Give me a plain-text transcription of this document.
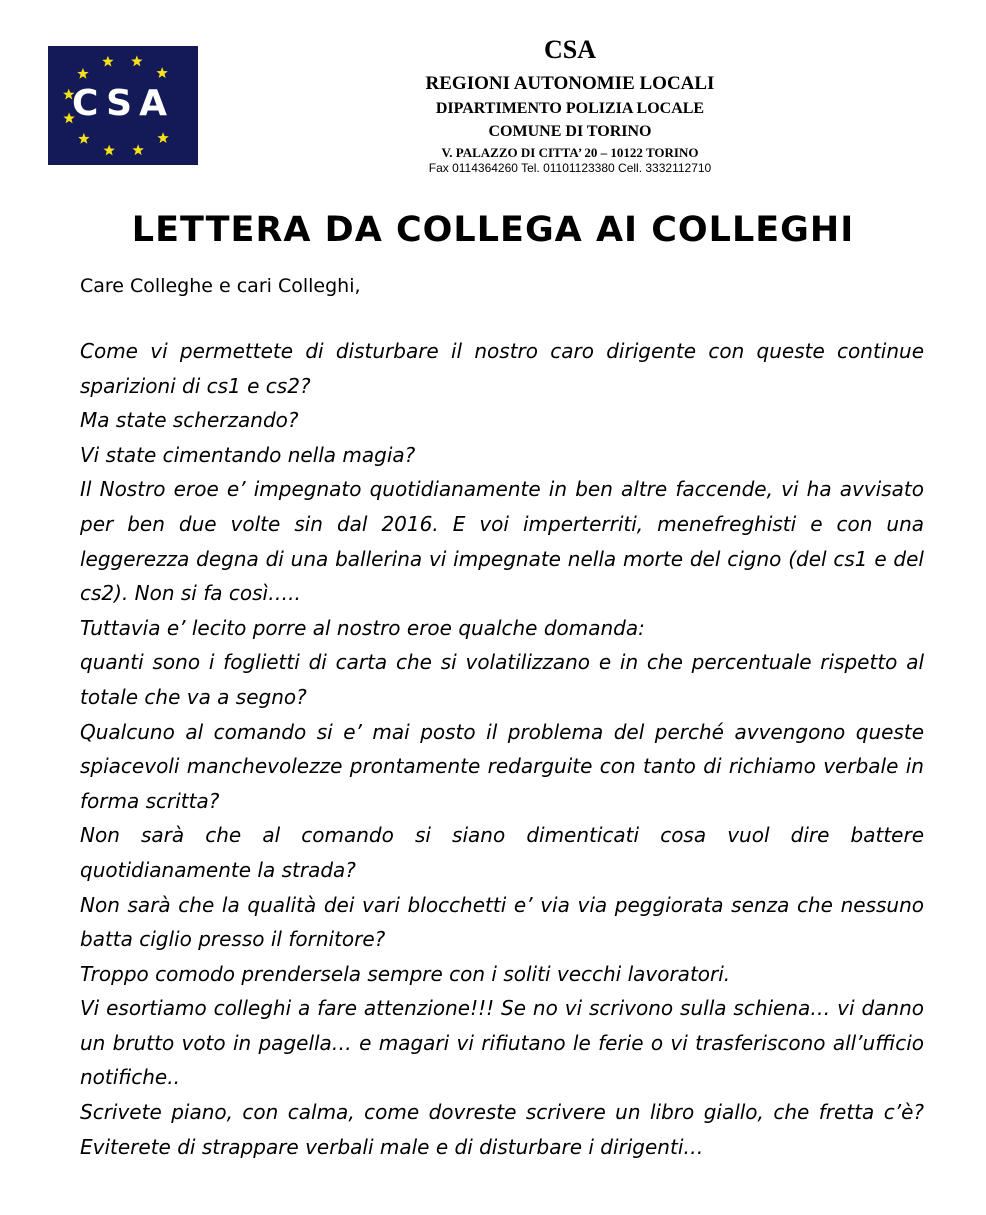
CSA
CSA
REGIONI AUTONOMIE LOCALI
DIPARTIMENTO POLIZIA LOCALE
COMUNE DI TORINO
V. PALAZZO DI CITTA’ 20 – 10122 TORINO
Fax 0114364260 Tel. 01101123380 Cell. 3332112710
LETTERA DA COLLEGA AI COLLEGHI
Care Colleghe e cari Colleghi,

Come vi permettete di disturbare il nostro caro dirigente con queste continue sparizioni di cs1 e cs2?

Ma state scherzando?

Vi state cimentando nella magia?

Il Nostro eroe e’ impegnato quotidianamente in ben altre faccende, vi ha avvisato per ben due volte sin dal 2016. E voi imperterriti, menefreghisti e con una leggerezza degna di una ballerina vi impegnate nella morte del cigno (del cs1 e del cs2). Non si fa così…..

Tuttavia e’ lecito porre al nostro eroe qualche domanda:

quanti sono i foglietti di carta che si volatilizzano e in che percentuale rispetto al totale che va a segno?

Qualcuno al comando si e’ mai posto il problema del perché avvengono queste spiacevoli manchevolezze prontamente redarguite con tanto di richiamo verbale in forma scritta?

Non sarà che al comando si siano dimenticati cosa vuol dire battere quotidianamente la strada?

Non sarà che la qualità dei vari blocchetti e’ via via peggiorata senza che nessuno batta ciglio presso il fornitore?

Troppo comodo prendersela sempre con i soliti vecchi lavoratori.

Vi esortiamo colleghi a fare attenzione!!! Se no vi scrivono sulla schiena… vi danno un brutto voto in pagella… e magari vi rifiutano le ferie o vi trasferiscono all’ufficio notifiche..

Scrivete piano, con calma, come dovreste scrivere un libro giallo, che fretta c’è? Eviterete di strappare verbali male e di disturbare i dirigenti…
